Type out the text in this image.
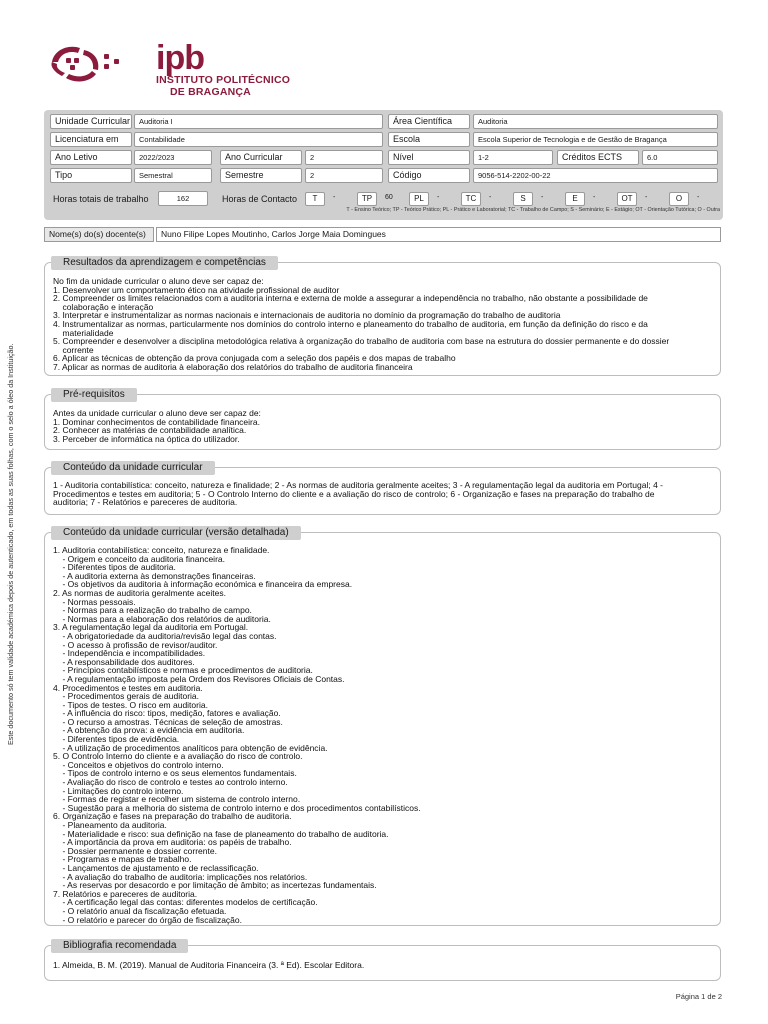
ipb
INSTITUTO POLITÉCNICO
DE BRAGANÇA
Este documento só tem validade académica depois de autenticado, em todas as suas folhas, com o selo a óleo da Instituição.
Unidade Curricular	Auditoria I	Área Científica	Auditoria
Licenciatura em	Contabilidade	Escola	Escola Superior de Tecnologia e de Gestão de Bragança
Ano Letivo	2022/2023	Ano Curricular	2	Nível	1-2	Créditos ECTS	6.0
Tipo	Semestral	Semestre	2	Código	9056-514-2202-00-22
Horas totais de trabalho	162	Horas de Contacto	T	-	TP	60	PL	-	TC	-	S	-	E	-	OT	-	O	-
T - Ensino Teórico; TP - Teórico Prático; PL - Prático e Laboratorial; TC - Trabalho de Campo; S - Seminário; E - Estágio; OT - Orientação Tutórica; O - Outra
Nome(s) do(s) docente(s)	Nuno Filipe Lopes Moutinho, Carlos Jorge Maia Domingues
Resultados da aprendizagem e competências
No fim da unidade curricular o aluno deve ser capaz de:
1. Desenvolver um comportamento ético na atividade profissional de auditor
2. Compreender os limites relacionados com a auditoria interna e externa de molde a assegurar a independência no trabalho, não obstante a possibilidade de
colaboração e interação
3. Interpretar e instrumentalizar as normas nacionais e internacionais de auditoria no domínio da programação do trabalho de auditoria
4. Instrumentalizar as normas, particularmente nos domínios do controlo interno e planeamento do trabalho de auditoria, em função da definição do risco e da
materialidade
5. Compreender e desenvolver a disciplina metodológica relativa à organização do trabalho de auditoria com base na estrutura do dossier permanente e do dossier
corrente
6. Aplicar as técnicas de obtenção da prova conjugada com a seleção dos papéis e dos mapas de trabalho
7. Aplicar as normas de auditoria à elaboração dos relatórios do trabalho de auditoria financeira
Pré-requisitos
Antes da unidade curricular o aluno deve ser capaz de:
1. Dominar conhecimentos de contabilidade financeira.
2. Conhecer as matérias de contabilidade analítica.
3. Perceber de informática na óptica do utilizador.
Conteúdo da unidade curricular
1 - Auditoria contabilística: conceito, natureza e finalidade; 2 - As normas de auditoria geralmente aceites; 3 - A regulamentação legal da auditoria em Portugal; 4 -
Procedimentos e testes em auditoria; 5 - O Controlo Interno do cliente e a avaliação do risco de controlo; 6 - Organização e fases na preparação do trabalho de
auditoria; 7 - Relatórios e pareceres de auditoria.
Conteúdo da unidade curricular (versão detalhada)
1. Auditoria contabilística: conceito, natureza e finalidade.
- Origem e conceito da auditoria financeira.
- Diferentes tipos de auditoria.
- A auditoria externa às demonstrações financeiras.
- Os objetivos da auditoria à informação económica e financeira da empresa.
2. As normas de auditoria geralmente aceites.
- Normas pessoais.
- Normas para a realização do trabalho de campo.
- Normas para a elaboração dos relatórios de auditoria.
3. A regulamentação legal da auditoria em Portugal.
- A obrigatoriedade da auditoria/revisão legal das contas.
- O acesso à profissão de revisor/auditor.
- Independência e incompatibilidades.
- A responsabilidade dos auditores.
- Princípios contabilísticos e normas e procedimentos de auditoria.
- A regulamentação imposta pela Ordem dos Revisores Oficiais de Contas.
4. Procedimentos e testes em auditoria.
- Procedimentos gerais de auditoria.
- Tipos de testes. O risco em auditoria.
- A influência do risco: tipos, medição, fatores e avaliação.
- O recurso a amostras. Técnicas de seleção de amostras.
- A obtenção da prova: a evidência em auditoria.
- Diferentes tipos de evidência.
- A utilização de procedimentos analíticos para obtenção de evidência.
5. O Controlo Interno do cliente e a avaliação do risco de controlo.
- Conceitos e objetivos do controlo interno.
- Tipos de controlo interno e os seus elementos fundamentais.
- Avaliação do risco de controlo e testes ao controlo interno.
- Limitações do controlo interno.
- Formas de registar e recolher um sistema de controlo interno.
- Sugestão para a melhoria do sistema de controlo interno e dos procedimentos contabilísticos.
6. Organização e fases na preparação do trabalho de auditoria.
- Planeamento da auditoria.
- Materialidade e risco: sua definição na fase de planeamento do trabalho de auditoria.
- A importância da prova em auditoria: os papéis de trabalho.
- Dossier permanente e dossier corrente.
- Programas e mapas de trabalho.
- Lançamentos de ajustamento e de reclassificação.
- A avaliação do trabalho de auditoria: implicações nos relatórios.
- As reservas por desacordo e por limitação de âmbito; as incertezas fundamentais.
7. Relatórios e pareceres de auditoria.
- A certificação legal das contas: diferentes modelos de certificação.
- O relatório anual da fiscalização efetuada.
- O relatório e parecer do órgão de fiscalização.
Bibliografia recomendada
1. Almeida, B. M. (2019). Manual de Auditoria Financeira (3. ª Ed). Escolar Editora.
Página 1 de 2
